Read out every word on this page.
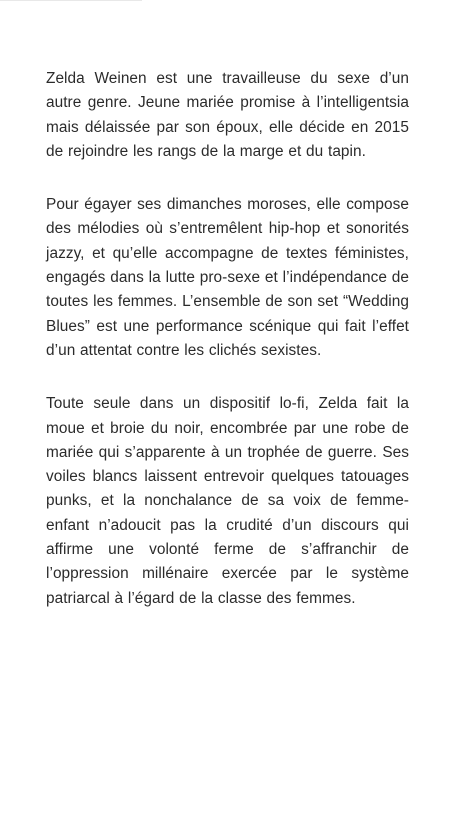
Zelda Weinen est une travailleuse du sexe d’un autre genre. Jeune mariée promise à l’intelligentsia mais délaissée par son époux, elle décide en 2015 de rejoindre les rangs de la marge et du tapin.

Pour égayer ses dimanches moroses, elle compose des mélodies où s’entremêlent hip-hop et sonorités jazzy, et qu’elle accompagne de textes féministes, engagés dans la lutte pro-sexe et l’indépendance de toutes les femmes. L’ensemble de son set “Wedding Blues” est une performance scénique qui fait l’effet d’un attentat contre les clichés sexistes.

Toute seule dans un dispositif lo-fi, Zelda fait la moue et broie du noir, encombrée par une robe de mariée qui s’apparente à un trophée de guerre. Ses voiles blancs laissent entrevoir quelques tatouages punks, et la nonchalance de sa voix de femme-enfant n’adoucit pas la crudité d’un discours qui affirme une volonté ferme de s’affranchir de l’oppression millénaire exercée par le système patriarcal à l’égard de la classe des femmes.
